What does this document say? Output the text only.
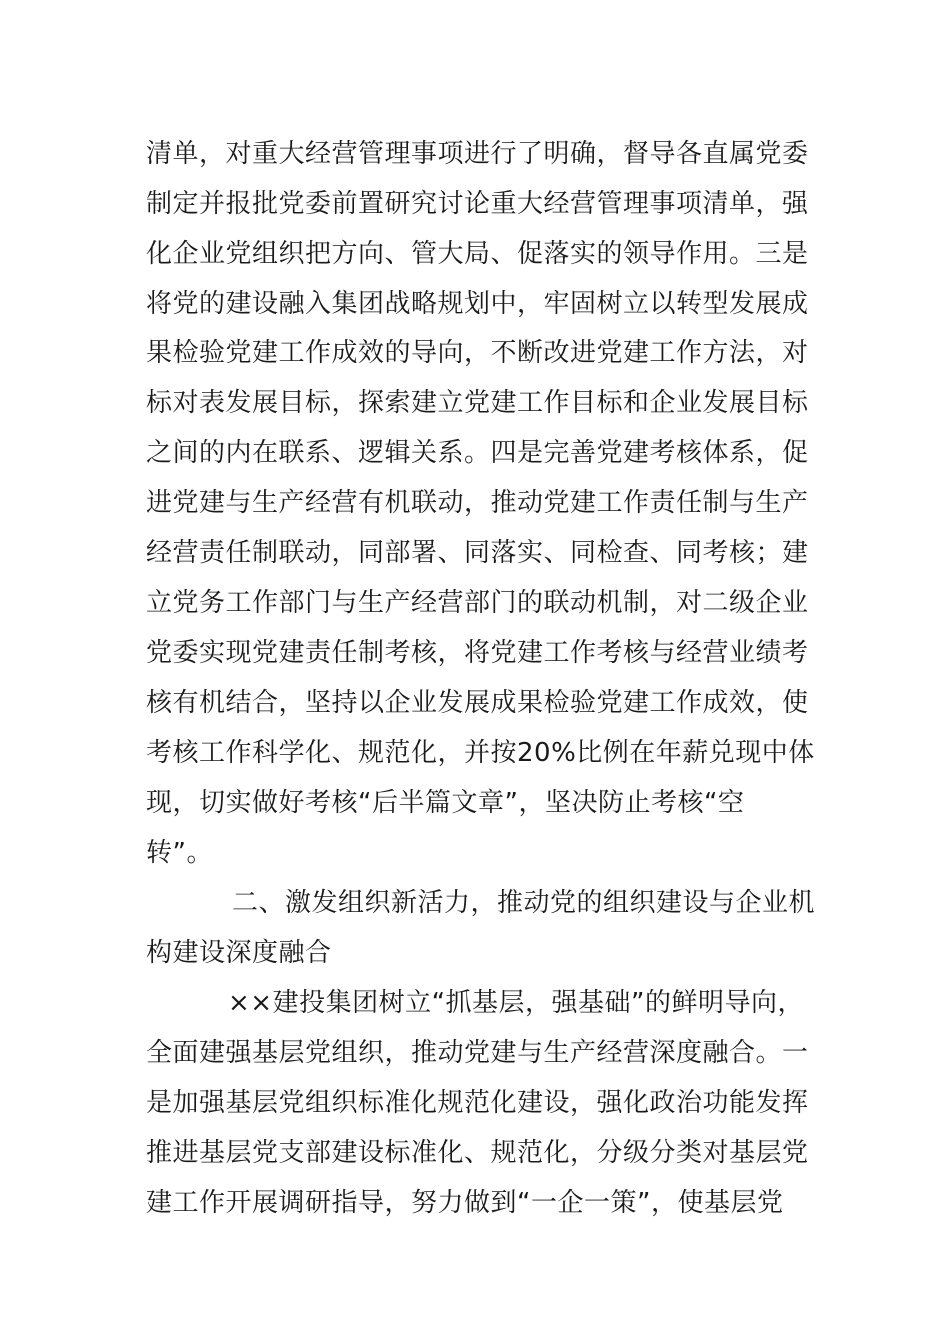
清单，对重大经营管理事项进行了明确，督导各直属党委
制定并报批党委前置研究讨论重大经营管理事项清单，强
化企业党组织把方向、管大局、促落实的领导作用。三是
将党的建设融入集团战略规划中，牢固树立以转型发展成
果检验党建工作成效的导向，不断改进党建工作方法，对
标对表发展目标，探索建立党建工作目标和企业发展目标
之间的内在联系、逻辑关系。四是完善党建考核体系，促
进党建与生产经营有机联动，推动党建工作责任制与生产
经营责任制联动，同部署、同落实、同检查、同考核；建
立党务工作部门与生产经营部门的联动机制，对二级企业
党委实现党建责任制考核，将党建工作考核与经营业绩考
核有机结合，坚持以企业发展成果检验党建工作成效，使
考核工作科学化、规范化，并按20%比例在年薪兑现中体
现，切实做好考核“后半篇文章”，坚决防止考核“空
转”。
二、激发组织新活力，推动党的组织建设与企业机
构建设深度融合
××建投集团树立“抓基层，强基础”的鲜明导向，
全面建强基层党组织，推动党建与生产经营深度融合。一
是加强基层党组织标准化规范化建设，强化政治功能发挥
推进基层党支部建设标准化、规范化，分级分类对基层党
建工作开展调研指导，努力做到“一企一策”，使基层党
